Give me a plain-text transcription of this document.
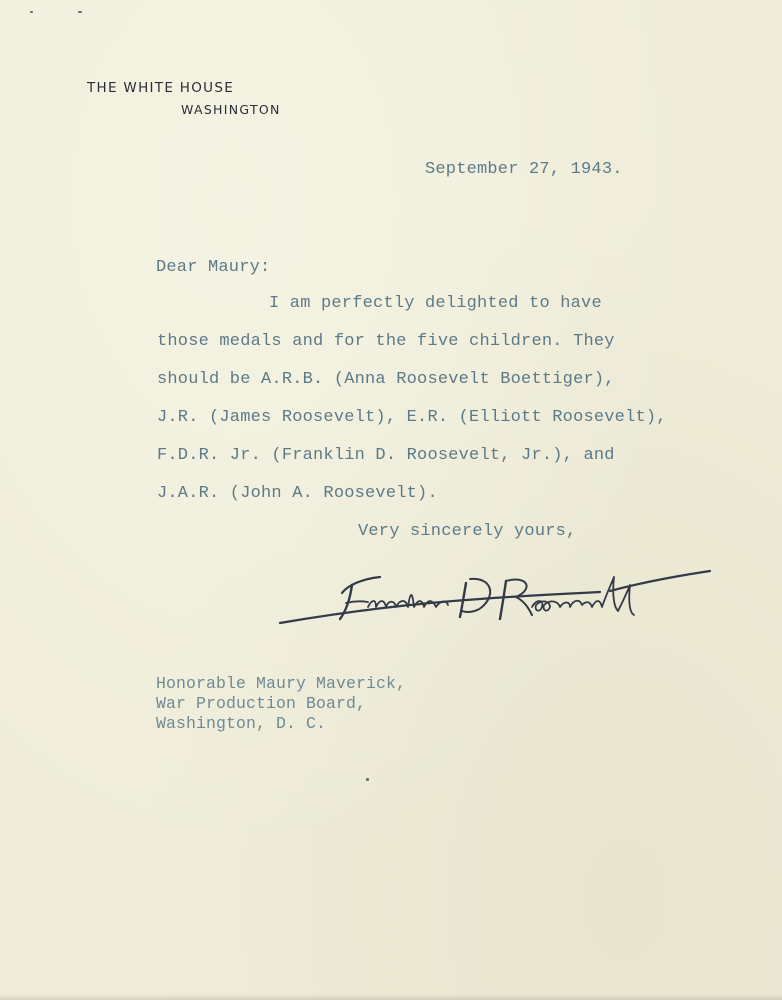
THE WHITE HOUSE
WASHINGTON
September 27, 1943.
Dear Maury:
I am perfectly delighted to have
those medals and for the five children. They
should be A.R.B. (Anna Roosevelt Boettiger),
J.R. (James Roosevelt), E.R. (Elliott Roosevelt),
F.D.R. Jr. (Franklin D. Roosevelt, Jr.), and
J.A.R. (John A. Roosevelt).
Very sincerely yours,
Honorable Maury Maverick,
War Production Board,
Washington, D. C.
